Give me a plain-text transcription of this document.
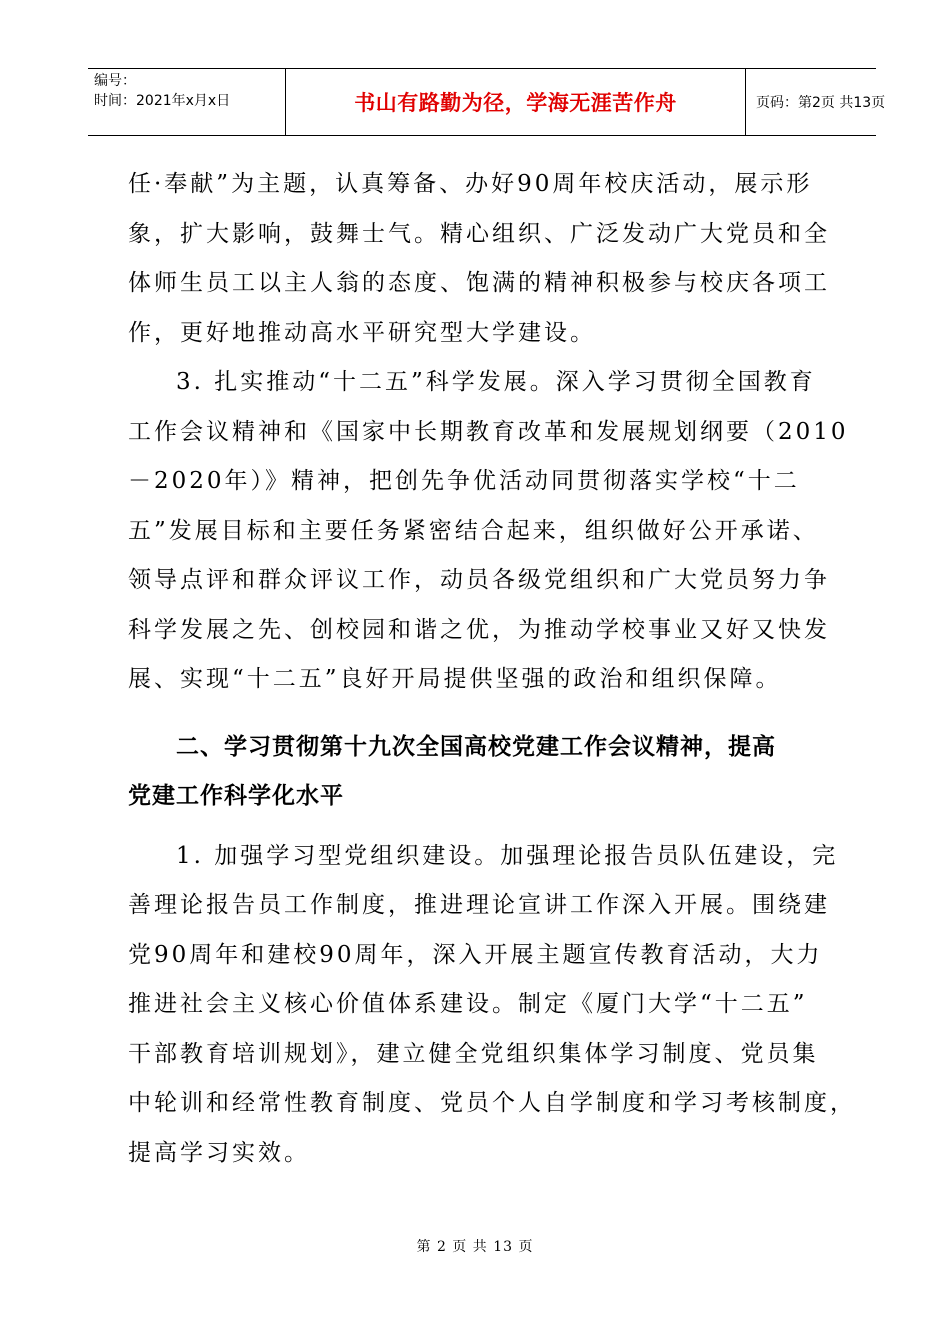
编号：
时间：2021年x月x日	书山有路勤为径，学海无涯苦作舟	页码：第2页 共13页
任·奉献”为主题，认真筹备、办好90周年校庆活动，展示形
象，扩大影响，鼓舞士气。精心组织、广泛发动广大党员和全
体师生员工以主人翁的态度、饱满的精神积极参与校庆各项工
作，更好地推动高水平研究型大学建设。
3. 扎实推动“十二五”科学发展。深入学习贯彻全国教育
工作会议精神和《国家中长期教育改革和发展规划纲要（2010
－2020年）》精神，把创先争优活动同贯彻落实学校“十二
五”发展目标和主要任务紧密结合起来，组织做好公开承诺、
领导点评和群众评议工作，动员各级党组织和广大党员努力争
科学发展之先、创校园和谐之优，为推动学校事业又好又快发
展、实现“十二五”良好开局提供坚强的政治和组织保障。
二、学习贯彻第十九次全国高校党建工作会议精神，提高
党建工作科学化水平
1. 加强学习型党组织建设。加强理论报告员队伍建设，完
善理论报告员工作制度，推进理论宣讲工作深入开展。围绕建
党90周年和建校90周年，深入开展主题宣传教育活动，大力
推进社会主义核心价值体系建设。制定《厦门大学“十二五”
干部教育培训规划》，建立健全党组织集体学习制度、党员集
中轮训和经常性教育制度、党员个人自学制度和学习考核制度，
提高学习实效。
第 2 页 共 13 页
